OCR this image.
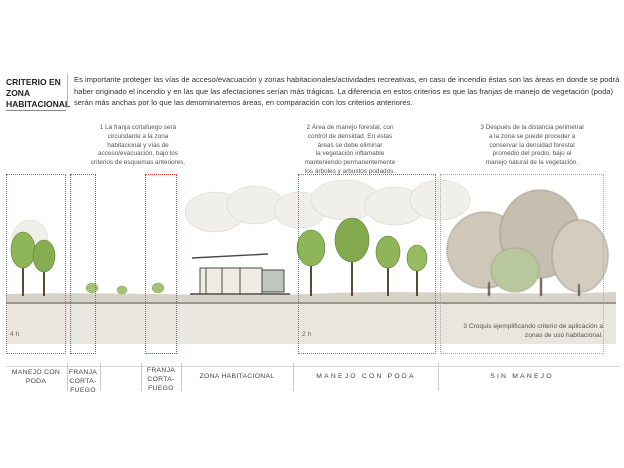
CRITERIO EN
ZONA
HABITACIONAL
Es importante proteger las vías de acceso/evacuación y zonas habitacionales/actividades recreativas, en caso de incendio éstas son las áreas en donde se podrá haber originado el incendio y en las que las afectaciones serían más trágicas. La diferencia en estos criterios es que las franjas de manejo de vegetación (poda) serán más anchas por lo que las denominaremos áreas, en comparación con los criterios anteriores.
1 La franja cortafuego será
circundante a la zona
habitacional y vías de
acceso/evacuación, bajo los
criterios de esquemas anteriores.
2 Área de manejo forestal, con
control de densidad. En estas
áreas se debe eliminar
la vegetación inflamable
manteniendo permanentemente
los árboles y arbustos podados.
3 Después de la distancia perimetral
a la zona se puede proceder a
conservar la densidad forestal
promedio del predio, bajo el
manejo natural de la vegetación.
4 h	2 h
3 Croquis ejemplificando criterio de aplicación a
zonas de uso habitacional.
MANEJO CON
PODA
FRANJA
CORTA-
FUEGO
FRANJA
CORTA-
FUEGO
ZONA HABITACIONAL	MANEJO CON PODA	SIN MANEJO
